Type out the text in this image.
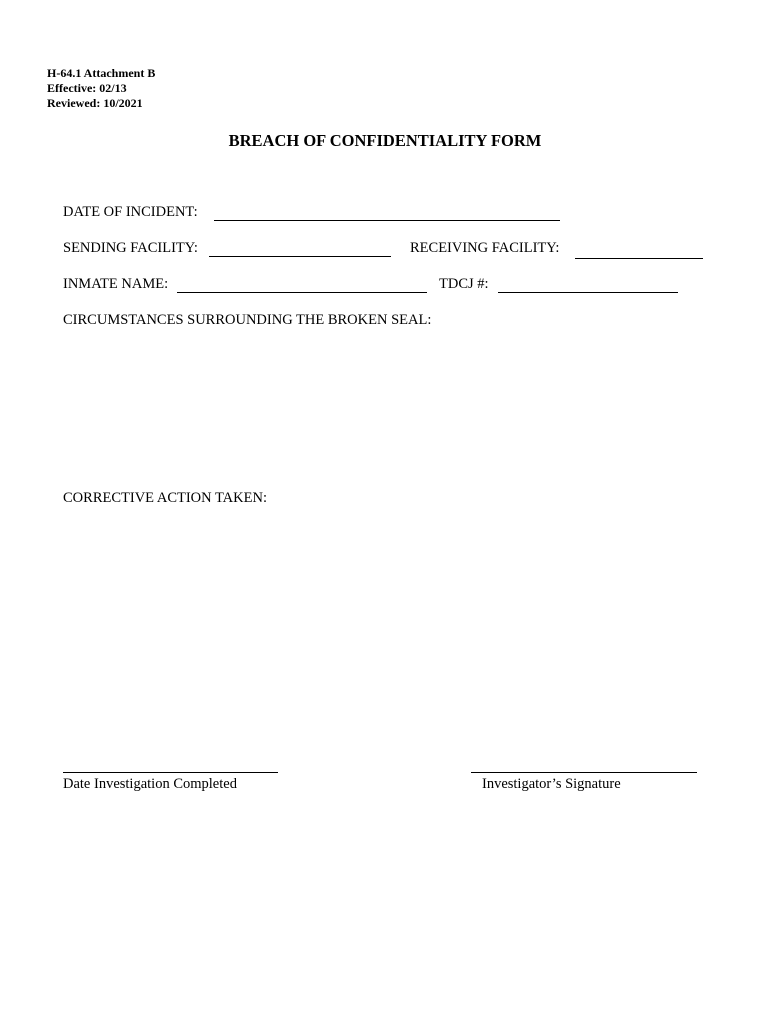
H-64.1 Attachment B
Effective: 02/13
Reviewed: 10/2021
BREACH OF CONFIDENTIALITY FORM
DATE OF INCIDENT:
SENDING FACILITY:	RECEIVING FACILITY:
INMATE NAME:	TDCJ #:
CIRCUMSTANCES SURROUNDING THE BROKEN SEAL:
CORRECTIVE ACTION TAKEN:
Date Investigation Completed	Investigator’s Signature
